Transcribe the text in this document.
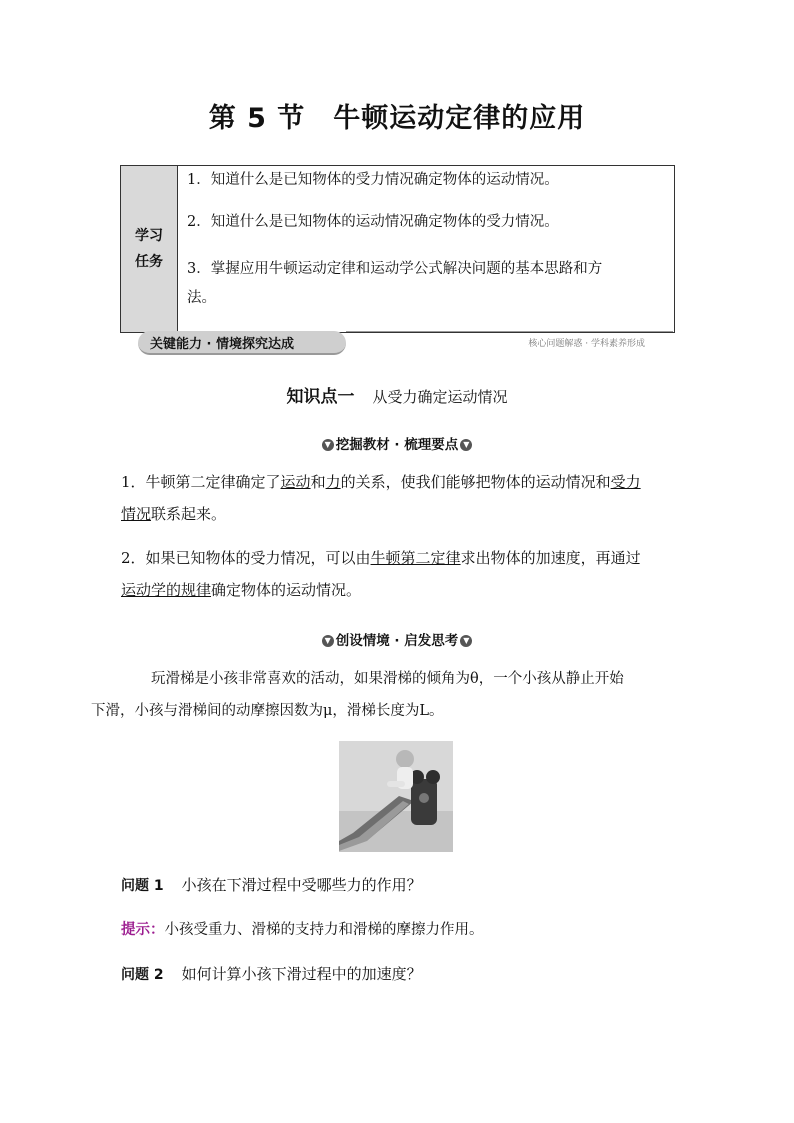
第 5 节　牛顿运动定律的应用
学习
任务
1．知道什么是已知物体的受力情况确定物体的运动情况。
2．知道什么是已知物体的运动情况确定物体的受力情况。
3．掌握应用牛顿运动定律和运动学公式解决问题的基本思路和方
法。
关键能力 · 情境探究达成	核心问题解惑 · 学科素养形成
知识点一 从受力确定运动情况
▼ 挖掘教材 · 梳理要点 ▼
1．牛顿第二定律确定了运动和力的关系，使我们能够把物体的运动情况和受力
情况联系起来。
2．如果已知物体的受力情况，可以由牛顿第二定律求出物体的加速度，再通过
运动学的规律确定物体的运动情况。
▼ 创设情境 · 启发思考 ▼
玩滑梯是小孩非常喜欢的活动，如果滑梯的倾角为θ，一个小孩从静止开始
下滑，小孩与滑梯间的动摩擦因数为μ，滑梯长度为L。
问题 1 小孩在下滑过程中受哪些力的作用？
提示：小孩受重力、滑梯的支持力和滑梯的摩擦力作用。
问题 2 如何计算小孩下滑过程中的加速度？
